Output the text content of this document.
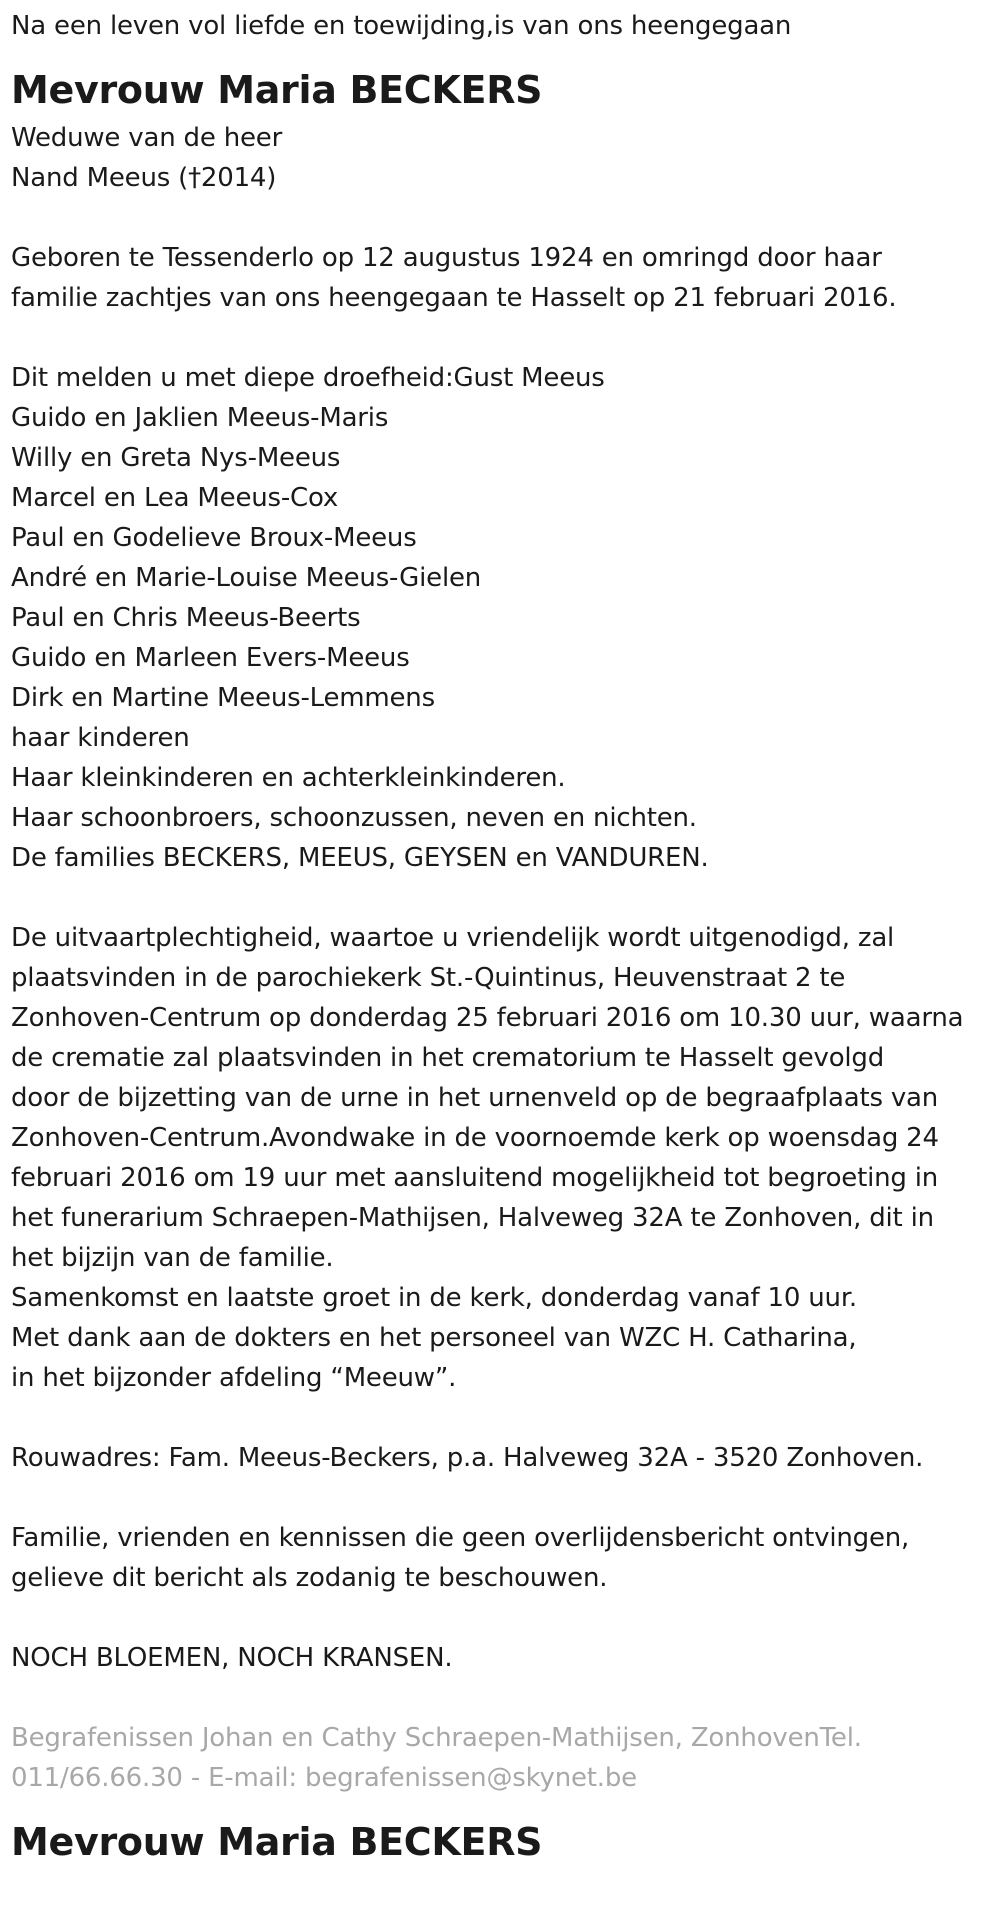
Na een leven vol liefde en toewijding,is van ons heengegaan
Mevrouw Maria BECKERS
Weduwe van de heer
Nand Meeus (†2014)
Geboren te Tessenderlo op 12 augustus 1924 en omringd door haar
familie zachtjes van ons heengegaan te Hasselt op 21 februari 2016.
Dit melden u met diepe droefheid:Gust Meeus
Guido en Jaklien Meeus-Maris
Willy en Greta Nys-Meeus
Marcel en Lea Meeus-Cox
Paul en Godelieve Broux-Meeus
André en Marie-Louise Meeus-Gielen
Paul en Chris Meeus-Beerts
Guido en Marleen Evers-Meeus
Dirk en Martine Meeus-Lemmens
haar kinderen
Haar kleinkinderen en achterkleinkinderen.
Haar schoonbroers, schoonzussen, neven en nichten.
De families BECKERS, MEEUS, GEYSEN en VANDUREN.
De uitvaartplechtigheid, waartoe u vriendelijk wordt uitgenodigd, zal
plaatsvinden in de parochiekerk St.-Quintinus, Heuvenstraat 2 te
Zonhoven-Centrum op donderdag 25 februari 2016 om 10.30 uur, waarna
de crematie zal plaatsvinden in het crematorium te Hasselt gevolgd
door de bijzetting van de urne in het urnenveld op de begraafplaats van
Zonhoven-Centrum.Avondwake in de voornoemde kerk op woensdag 24
februari 2016 om 19 uur met aansluitend mogelijkheid tot begroeting in
het funerarium Schraepen-Mathijsen, Halveweg 32A te Zonhoven, dit in
het bijzijn van de familie.
Samenkomst en laatste groet in de kerk, donderdag vanaf 10 uur.
Met dank aan de dokters en het personeel van WZC H. Catharina,
in het bijzonder afdeling “Meeuw”.
Rouwadres: Fam. Meeus-Beckers, p.a. Halveweg 32A - 3520 Zonhoven.
Familie, vrienden en kennissen die geen overlijdensbericht ontvingen,
gelieve dit bericht als zodanig te beschouwen.
NOCH BLOEMEN, NOCH KRANSEN.
Begrafenissen Johan en Cathy Schraepen-Mathijsen, ZonhovenTel.
011/66.66.30 - E-mail: begrafenissen@skynet.be
Mevrouw Maria BECKERS
